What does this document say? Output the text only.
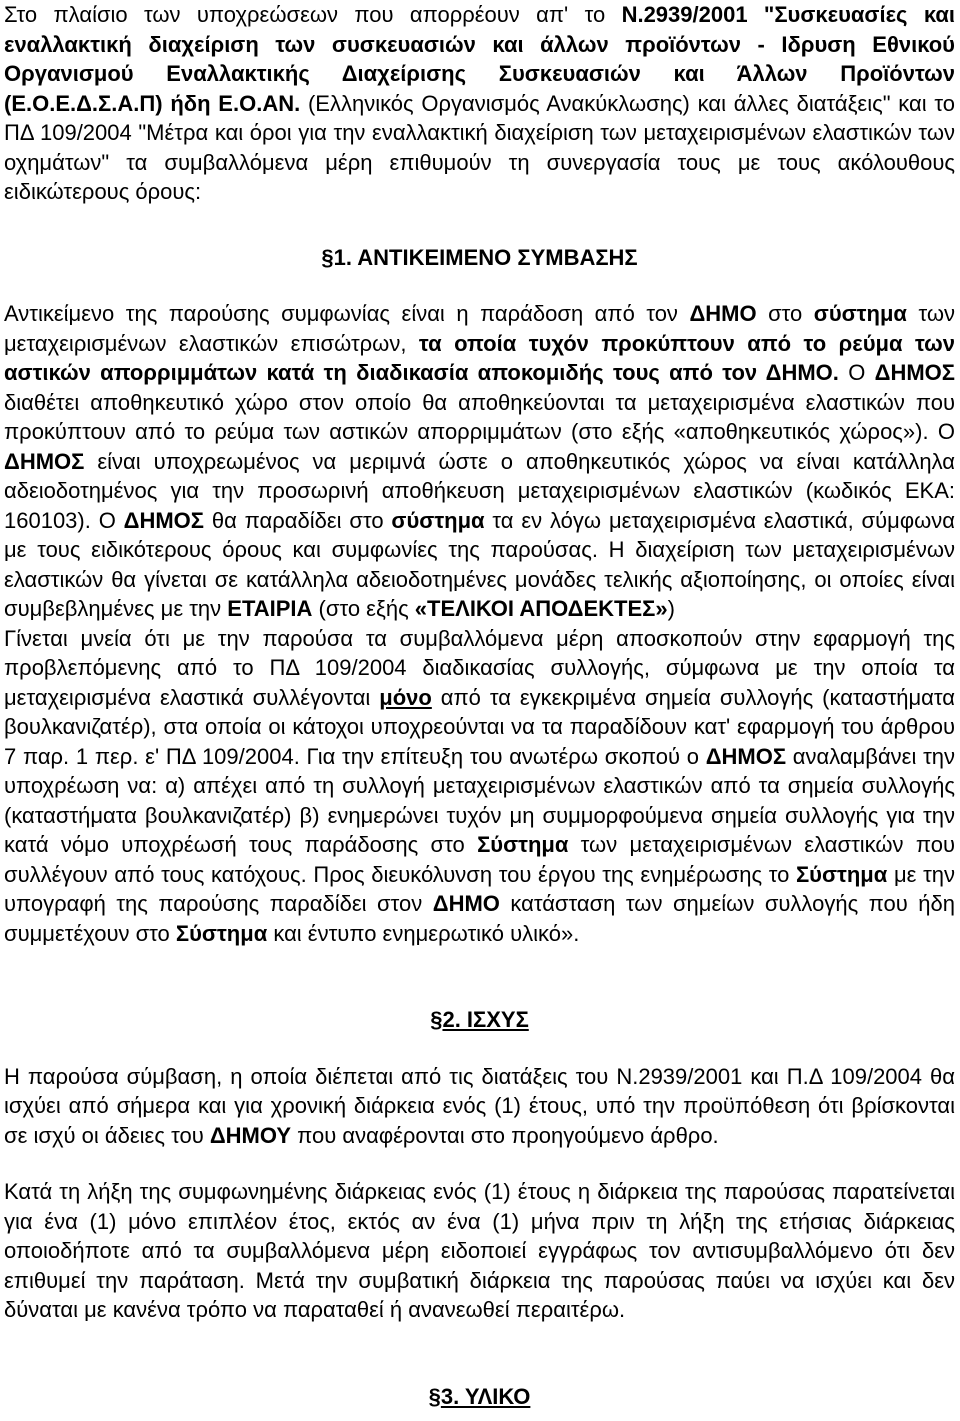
Στο πλαίσιο των υποχρεώσεων που απορρέουν απ' το Ν.2939/2001 "Συσκευασίες και εναλλακτική διαχείριση των συσκευασιών και άλλων προϊόντων - Ιδρυση Εθνικού Οργανισμού Εναλλακτικής Διαχείρισης Συσκευασιών και Άλλων Προϊόντων (Ε.Ο.Ε.Δ.Σ.Α.Π) ήδη Ε.Ο.ΑΝ. (Ελληνικός Οργανισμός Ανακύκλωσης) και άλλες διατάξεις" και το ΠΔ 109/2004 "Μέτρα και όροι για την εναλλακτική διαχείριση των μεταχειρισμένων ελαστικών των οχημάτων" τα συμβαλλόμενα μέρη επιθυμούν τη συνεργασία τους με τους ακόλουθους ειδικώτερους όρους:

§1. ΑΝΤΙΚΕΙΜΕΝΟ ΣΥΜΒΑΣΗΣ

Αντικείμενο της παρούσης συμφωνίας είναι η παράδοση από τον ΔΗΜΟ στο σύστημα των μεταχειρισμένων ελαστικών επισώτρων, τα οποία τυχόν προκύπτουν από το ρεύμα των αστικών απορριμμάτων κατά τη διαδικασία αποκομιδής τους από τον ΔΗΜΟ. Ο ΔΗΜΟΣ διαθέτει αποθηκευτικό χώρο στον οποίο θα αποθηκεύονται τα μεταχειρισμένα ελαστικών που προκύπτουν από το ρεύμα των αστικών απορριμμάτων (στο εξής «αποθηκευτικός χώρος»). Ο ΔΗΜΟΣ είναι υποχρεωμένος να μεριμνά ώστε ο αποθηκευτικός χώρος να είναι κατάλληλα αδειοδοτημένος για την προσωρινή αποθήκευση μεταχειρισμένων ελαστικών (κωδικός ΕΚΑ: 160103). Ο ΔΗΜΟΣ θα παραδίδει στο σύστημα τα εν λόγω μεταχειρισμένα ελαστικά, σύμφωνα με τους ειδικότερους όρους και συμφωνίες της παρούσας. Η διαχείριση των μεταχειρισμένων ελαστικών θα γίνεται σε κατάλληλα αδειοδοτημένες μονάδες τελικής αξιοποίησης, οι οποίες είναι συμβεβλημένες με την ΕΤΑΙΡΙΑ (στο εξής «ΤΕΛΙΚΟΙ ΑΠΟΔΕΚΤΕΣ»)

Γίνεται μνεία ότι με την παρούσα τα συμβαλλόμενα μέρη αποσκοπούν στην εφαρμογή της προβλεπόμενης από το ΠΔ 109/2004 διαδικασίας συλλογής, σύμφωνα με την οποία τα μεταχειρισμένα ελαστικά συλλέγονται μόνο από τα εγκεκριμένα σημεία συλλογής (καταστήματα βουλκανιζατέρ), στα οποία οι κάτοχοι υποχρεούνται να τα παραδίδουν κατ' εφαρμογή του άρθρου 7 παρ. 1 περ. ε' ΠΔ 109/2004. Για την επίτευξη του ανωτέρω σκοπού ο ΔΗΜΟΣ αναλαμβάνει την υποχρέωση να: α) απέχει από τη συλλογή μεταχειρισμένων ελαστικών από τα σημεία συλλογής (καταστήματα βουλκανιζατέρ) β) ενημερώνει τυχόν μη συμμορφούμενα σημεία συλλογής για την κατά νόμο υποχρέωσή τους παράδοσης στο Σύστημα των μεταχειρισμένων ελαστικών που συλλέγουν από τους κατόχους. Προς διευκόλυνση του έργου της ενημέρωσης το Σύστημα με την υπογραφή της παρούσης παραδίδει στον ΔΗΜΟ κατάσταση των σημείων συλλογής που ήδη συμμετέχουν στο Σύστημα και έντυπο ενημερωτικό υλικό».

§2. ΙΣΧΥΣ

Η παρούσα σύμβαση, η οποία διέπεται από τις διατάξεις του Ν.2939/2001 και Π.Δ 109/2004 θα ισχύει από σήμερα και για χρονική διάρκεια ενός (1) έτους, υπό την προϋπόθεση ότι βρίσκονται σε ισχύ οι άδειες του ΔΗΜΟΥ που αναφέρονται στο προηγούμενο άρθρο.

Κατά τη λήξη της συμφωνημένης διάρκειας ενός (1) έτους η διάρκεια της παρούσας παρατείνεται για ένα (1) μόνο επιπλέον έτος, εκτός αν ένα (1) μήνα πριν τη λήξη της ετήσιας διάρκειας οποιοδήποτε από τα συμβαλλόμενα μέρη ειδοποιεί εγγράφως τον αντισυμβαλλόμενο ότι δεν επιθυμεί την παράταση. Μετά την συμβατική διάρκεια της παρούσας παύει να ισχύει και δεν δύναται με κανένα τρόπο να παραταθεί ή ανανεωθεί περαιτέρω.

§3. ΥΛΙΚΟ
